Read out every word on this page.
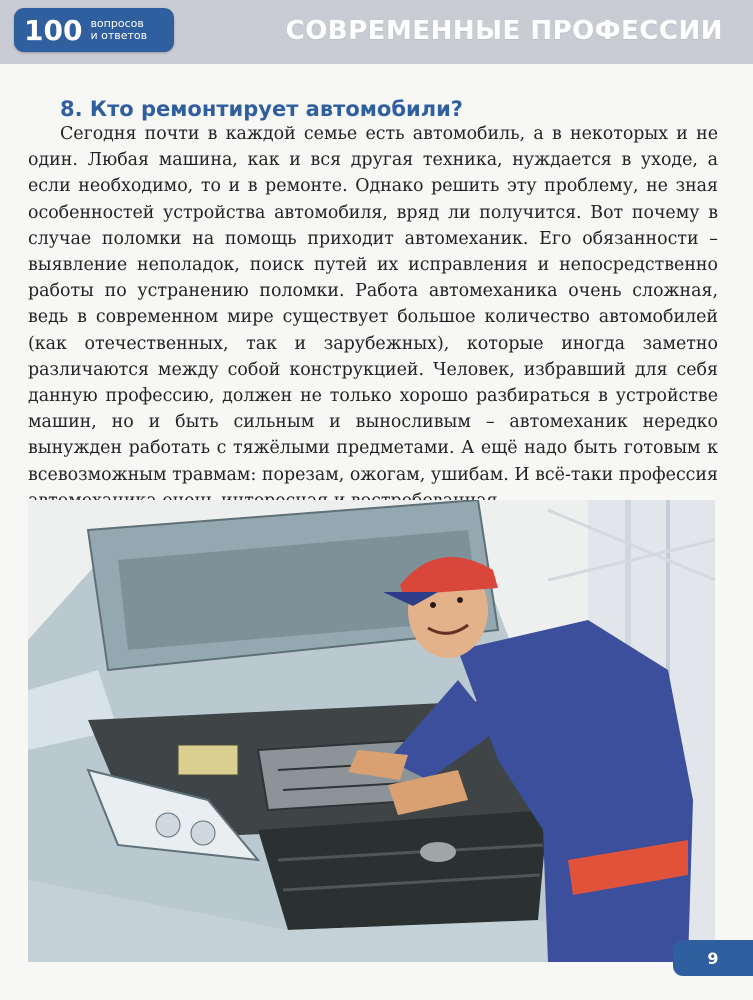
100 вопросов
и ответов	СОВРЕМЕННЫЕ ПРОФЕССИИ
8. Кто ремонтирует автомобили?
Сегодня почти в каждой семье есть автомобиль, а в некоторых и не один. Любая машина, как и вся другая техника, нуждается в уходе, а если необходимо, то и в ремонте. Однако решить эту проблему, не зная особенностей устройства автомобиля, вряд ли получится. Вот почему в случае поломки на помощь приходит автомеханик. Его обязанности – выявление неполадок, поиск путей их исправления и непосредственно работы по устранению поломки. Работа автомеханика очень сложная, ведь в современном мире существует большое количество автомобилей (как отечественных, так и зарубежных), которые иногда заметно различаются между собой конструкцией. Человек, избравший для себя данную профессию, должен не только хорошо разбираться в устройстве машин, но и быть сильным и выносливым – автомеханик нередко вынужден работать с тяжёлыми предметами. А ещё надо быть готовым к всевозможным травмам: порезам, ожогам, ушибам. И всё-таки профессия
9
